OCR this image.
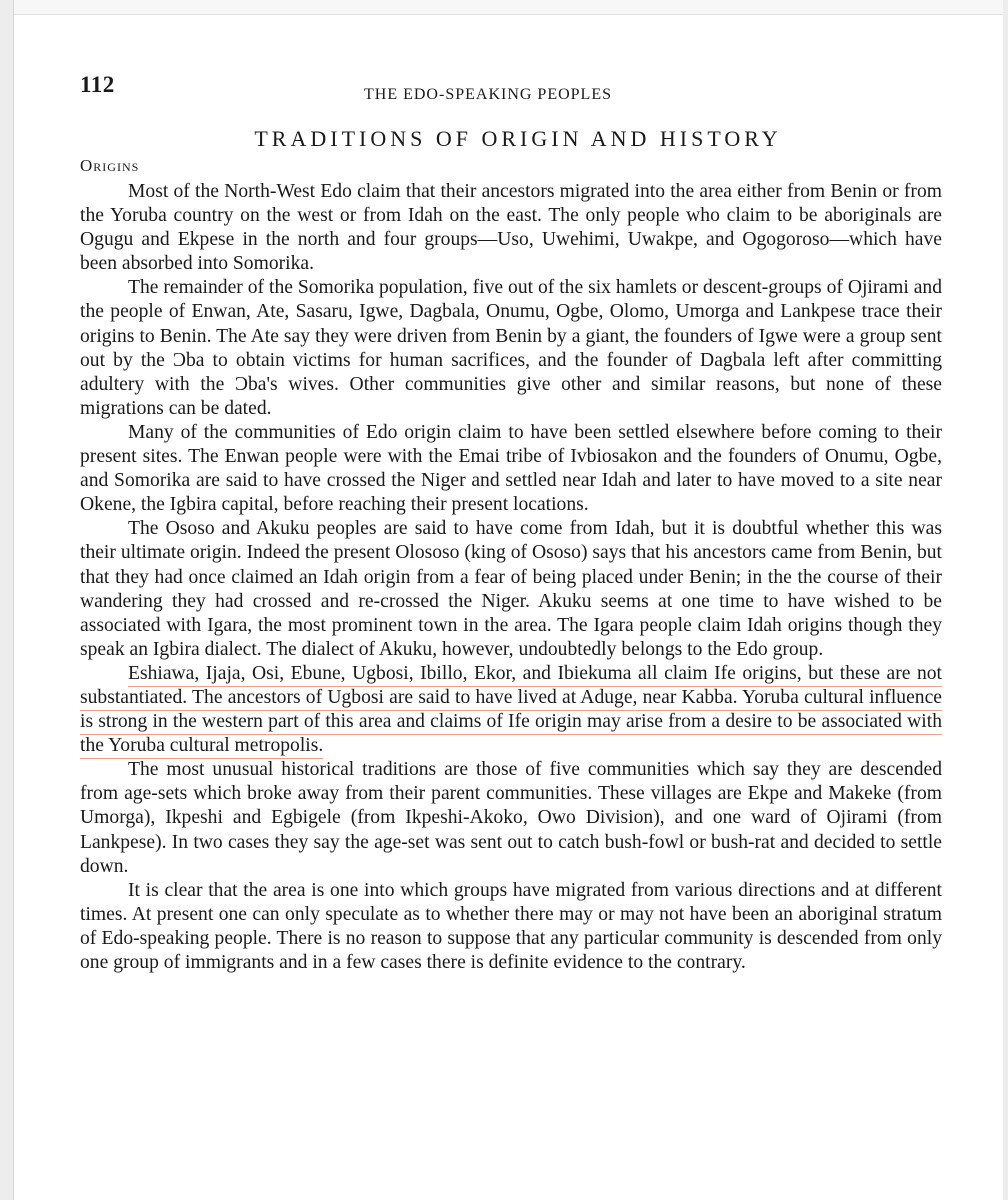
112	THE EDO-SPEAKING PEOPLES
TRADITIONS OF ORIGIN AND HISTORY
Origins

Most of the North-West Edo claim that their ancestors migrated into the area either from Benin or from the Yoruba country on the west or from Idah on the east. The only people who claim to be aboriginals are Ogugu and Ekpese in the north and four groups—Uso, Uwehimi, Uwakpe, and Ogogoroso—which have been absorbed into Somorika.

The remainder of the Somorika population, five out of the six hamlets or descent-groups of Ojirami and the people of Enwan, Ate, Sasaru, Igwe, Dagbala, Onumu, Ogbe, Olomo, Umorga and Lankpese trace their origins to Benin. The Ate say they were driven from Benin by a giant, the founders of Igwe were a group sent out by the Ɔba to obtain victims for human sacrifices, and the founder of Dagbala left after committing adultery with the Ɔba's wives. Other communities give other and similar reasons, but none of these migrations can be dated.

Many of the communities of Edo origin claim to have been settled elsewhere before coming to their present sites. The Enwan people were with the Emai tribe of Ivbiosakon and the founders of Onumu, Ogbe, and Somorika are said to have crossed the Niger and settled near Idah and later to have moved to a site near Okene, the Igbira capital, before reaching their present locations.

The Ososo and Akuku peoples are said to have come from Idah, but it is doubtful whether this was their ultimate origin. Indeed the present Olososo (king of Ososo) says that his ancestors came from Benin, but that they had once claimed an Idah origin from a fear of being placed under Benin; in the the course of their wandering they had crossed and re-crossed the Niger. Akuku seems at one time to have wished to be associated with Igara, the most prominent town in the area. The Igara people claim Idah origins though they speak an Igbira dialect. The dialect of Akuku, however, undoubtedly belongs to the Edo group.

Eshiawa, Ijaja, Osi, Ebune, Ugbosi, Ibillo, Ekor, and Ibiekuma all claim Ife origins, but these are not substantiated. The ancestors of Ugbosi are said to have lived at Aduge, near Kabba. Yoruba cultural influence is strong in the western part of this area and claims of Ife origin may arise from a desire to be associated with the Yoruba cultural metropolis.

The most unusual historical traditions are those of five communities which say they are descended from age-sets which broke away from their parent communities. These villages are Ekpe and Makeke (from Umorga), Ikpeshi and Egbigele (from Ikpeshi-Akoko, Owo Division), and one ward of Ojirami (from Lankpese). In two cases they say the age-set was sent out to catch bush-fowl or bush-rat and decided to settle down.

It is clear that the area is one into which groups have migrated from various directions and at different times. At present one can only speculate as to whether there may or may not have been an aboriginal stratum of Edo-speaking people. There is no reason to suppose that any particular community is descended from only one group of immigrants and in a few cases there is definite evidence to the contrary.
